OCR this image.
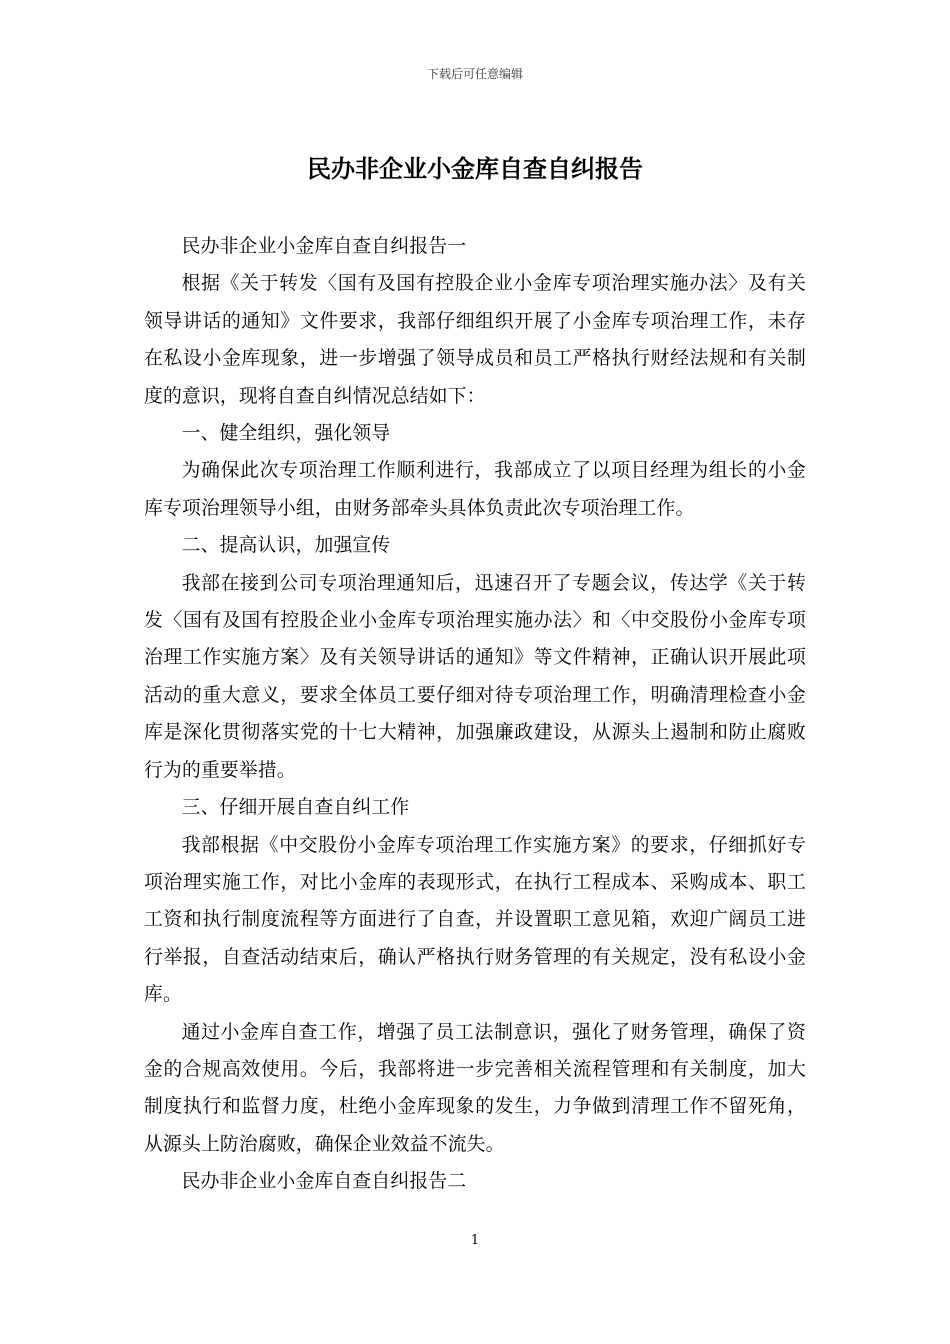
下载后可任意编辑
民办非企业小金库自查自纠报告

民办非企业小金库自查自纠报告一

根据《关于转发〈国有及国有控股企业小金库专项治理实施办法〉及有关领导讲话的通知》文件要求，我部仔细组织开展了小金库专项治理工作，未存在私设小金库现象，进一步增强了领导成员和员工严格执行财经法规和有关制度的意识，现将自查自纠情况总结如下：

一、健全组织，强化领导

为确保此次专项治理工作顺利进行，我部成立了以项目经理为组长的小金库专项治理领导小组，由财务部牵头具体负责此次专项治理工作。

二、提高认识，加强宣传

我部在接到公司专项治理通知后，迅速召开了专题会议，传达学《关于转发〈国有及国有控股企业小金库专项治理实施办法〉和〈中交股份小金库专项治理工作实施方案〉及有关领导讲话的通知》等文件精神，正确认识开展此项活动的重大意义，要求全体员工要仔细对待专项治理工作，明确清理检查小金库是深化贯彻落实党的十七大精神，加强廉政建设，从源头上遏制和防止腐败行为的重要举措。

三、仔细开展自查自纠工作

我部根据《中交股份小金库专项治理工作实施方案》的要求，仔细抓好专项治理实施工作，对比小金库的表现形式，在执行工程成本、采购成本、职工工资和执行制度流程等方面进行了自查，并设置职工意见箱，欢迎广阔员工进行举报，自查活动结束后，确认严格执行财务管理的有关规定，没有私设小金库。

通过小金库自查工作，增强了员工法制意识，强化了财务管理，确保了资金的合规高效使用。今后，我部将进一步完善相关流程管理和有关制度，加大制度执行和监督力度，杜绝小金库现象的发生，力争做到清理工作不留死角，从源头上防治腐败，确保企业效益不流失。

民办非企业小金库自查自纠报告二

1
